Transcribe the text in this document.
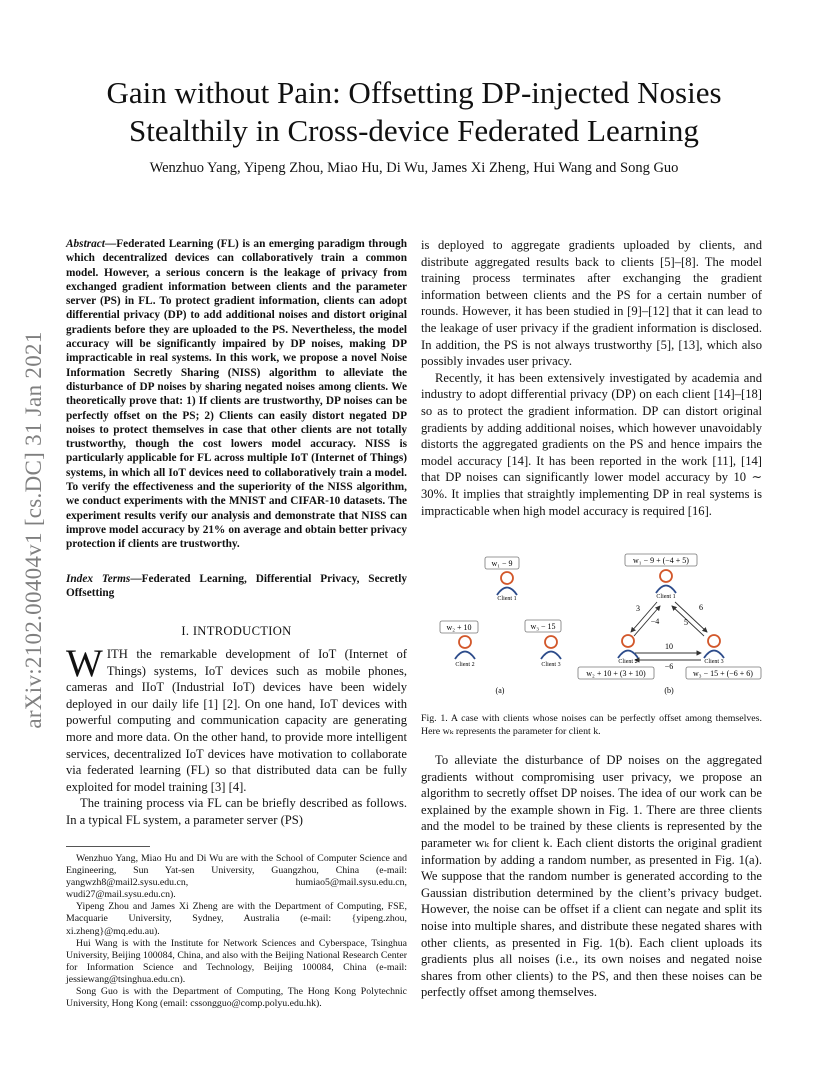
arXiv:2102.00404v1 [cs.DC] 31 Jan 2021
Gain without Pain: Offsetting DP-injected Nosies Stealthily in Cross-device Federated Learning

Wenzhuo Yang, Yipeng Zhou, Miao Hu, Di Wu, James Xi Zheng, Hui Wang and Song Guo

Abstract—Federated Learning (FL) is an emerging paradigm through which decentralized devices can collaboratively train a common model. However, a serious concern is the leakage of privacy from exchanged gradient information between clients and the parameter server (PS) in FL. To protect gradient information, clients can adopt differential privacy (DP) to add additional noises and distort original gradients before they are uploaded to the PS. Nevertheless, the model accuracy will be significantly impaired by DP noises, making DP impracticable in real systems. In this work, we propose a novel Noise Information Secretly Sharing (NISS) algorithm to alleviate the disturbance of DP noises by sharing negated noises among clients. We theoretically prove that: 1) If clients are trustworthy, DP noises can be perfectly offset on the PS; 2) Clients can easily distort negated DP noises to protect themselves in case that other clients are not totally trustworthy, though the cost lowers model accuracy. NISS is particularly applicable for FL across multiple IoT (Internet of Things) systems, in which all IoT devices need to collaboratively train a model. To verify the effectiveness and the superiority of the NISS algorithm, we conduct experiments with the MNIST and CIFAR-10 datasets. The experiment results verify our analysis and demonstrate that NISS can improve model accuracy by 21% on average and obtain better privacy protection if clients are trustworthy.

Index Terms—Federated Learning, Differential Privacy, Secretly Offsetting

I. INTRODUCTION

WITH the remarkable development of IoT (Internet of Things) systems, IoT devices such as mobile phones, cameras and IIoT (Industrial IoT) devices have been widely deployed in our daily life [1] [2]. On one hand, IoT devices with powerful computing and communication capacity are generating more and more data. On the other hand, to provide more intelligent services, decentralized IoT devices have motivation to collaborate via federated learning (FL) so that distributed data can be fully exploited for model training [3] [4].

The training process via FL can be briefly described as follows. In a typical FL system, a parameter server (PS)

Wenzhuo Yang, Miao Hu and Di Wu are with the School of Computer Science and Engineering, Sun Yat-sen University, Guangzhou, China (e-mail: yangwzh8@mail2.sysu.edu.cn, humiao5@mail.sysu.edu.cn, wudi27@mail.sysu.edu.cn).

Yipeng Zhou and James Xi Zheng are with the Department of Computing, FSE, Macquarie University, Sydney, Australia (e-mail: {yipeng.zhou, xi.zheng}@mq.edu.au).

Hui Wang is with the Institute for Network Sciences and Cyberspace, Tsinghua University, Beijing 100084, China, and also with the Beijing National Research Center for Information Science and Technology, Beijing 100084, China (e-mail: jessiewang@tsinghua.edu.cn).

Song Guo is with the Department of Computing, The Hong Kong Polytechnic University, Hong Kong (email: cssongguo@comp.polyu.edu.hk).

is deployed to aggregate gradients uploaded by clients, and distribute aggregated results back to clients [5]–[8]. The model training process terminates after exchanging the gradient information between clients and the PS for a certain number of rounds. However, it has been studied in [9]–[12] that it can lead to the leakage of user privacy if the gradient information is disclosed. In addition, the PS is not always trustworthy [5], [13], which also possibly invades user privacy.

Recently, it has been extensively investigated by academia and industry to adopt differential privacy (DP) on each client [14]–[18] so as to protect the gradient information. DP can distort original gradients by adding additional noises, which however unavoidably distorts the aggregated gradients on the PS and hence impairs the model accuracy [14]. It has been reported in the work [11], [14] that DP noises can significantly lower model accuracy by 10 ∼ 30%. It implies that straightly implementing DP in real systems is impracticable when high model accuracy is required [16].

w₁ − 9
Client 1
w₂ + 10
Client 2
w₃ − 15
Client 3
(a)
3
−4
6
5
10
−6
w₁ − 9 + (−4 + 5)
Client 1
Client 2
w₂ + 10 + (3 + 10)
Client 3
w₃ − 15 + (−6 + 6)
(b)

Fig. 1. A case with clients whose noises can be perfectly offset among themselves. Here wₖ represents the parameter for client k.

To alleviate the disturbance of DP noises on the aggregated gradients without compromising user privacy, we propose an algorithm to secretly offset DP noises. The idea of our work can be explained by the example shown in Fig. 1. There are three clients and the model to be trained by these clients is represented by the parameter wₖ for client k. Each client distorts the original gradient information by adding a random number, as presented in Fig. 1(a). We suppose that the random number is generated according to the Gaussian distribution determined by the client’s privacy budget. However, the noise can be offset if a client can negate and split its noise into multiple shares, and distribute these negated shares with other clients, as presented in Fig. 1(b). Each client uploads its gradients plus all noises (i.e., its own noises and negated noise shares from other clients) to the PS, and then these noises can be perfectly offset among themselves.
